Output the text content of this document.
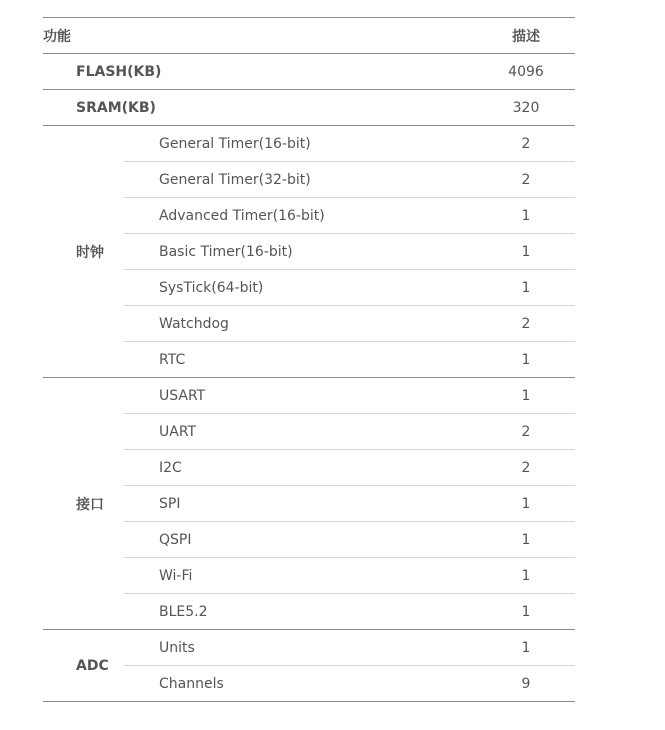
功能		描述
FLASH(KB)		4096
SRAM(KB)		320
时钟	General Timer(16-bit)	2
	General Timer(32-bit)	2
	Advanced Timer(16-bit)	1
	Basic Timer(16-bit)	1
	SysTick(64-bit)	1
	Watchdog	2
	RTC	1
接口	USART	1
	UART	2
	I2C	2
	SPI	1
	QSPI	1
	Wi-Fi	1
	BLE5.2	1
ADC	Units	1
	Channels	9
